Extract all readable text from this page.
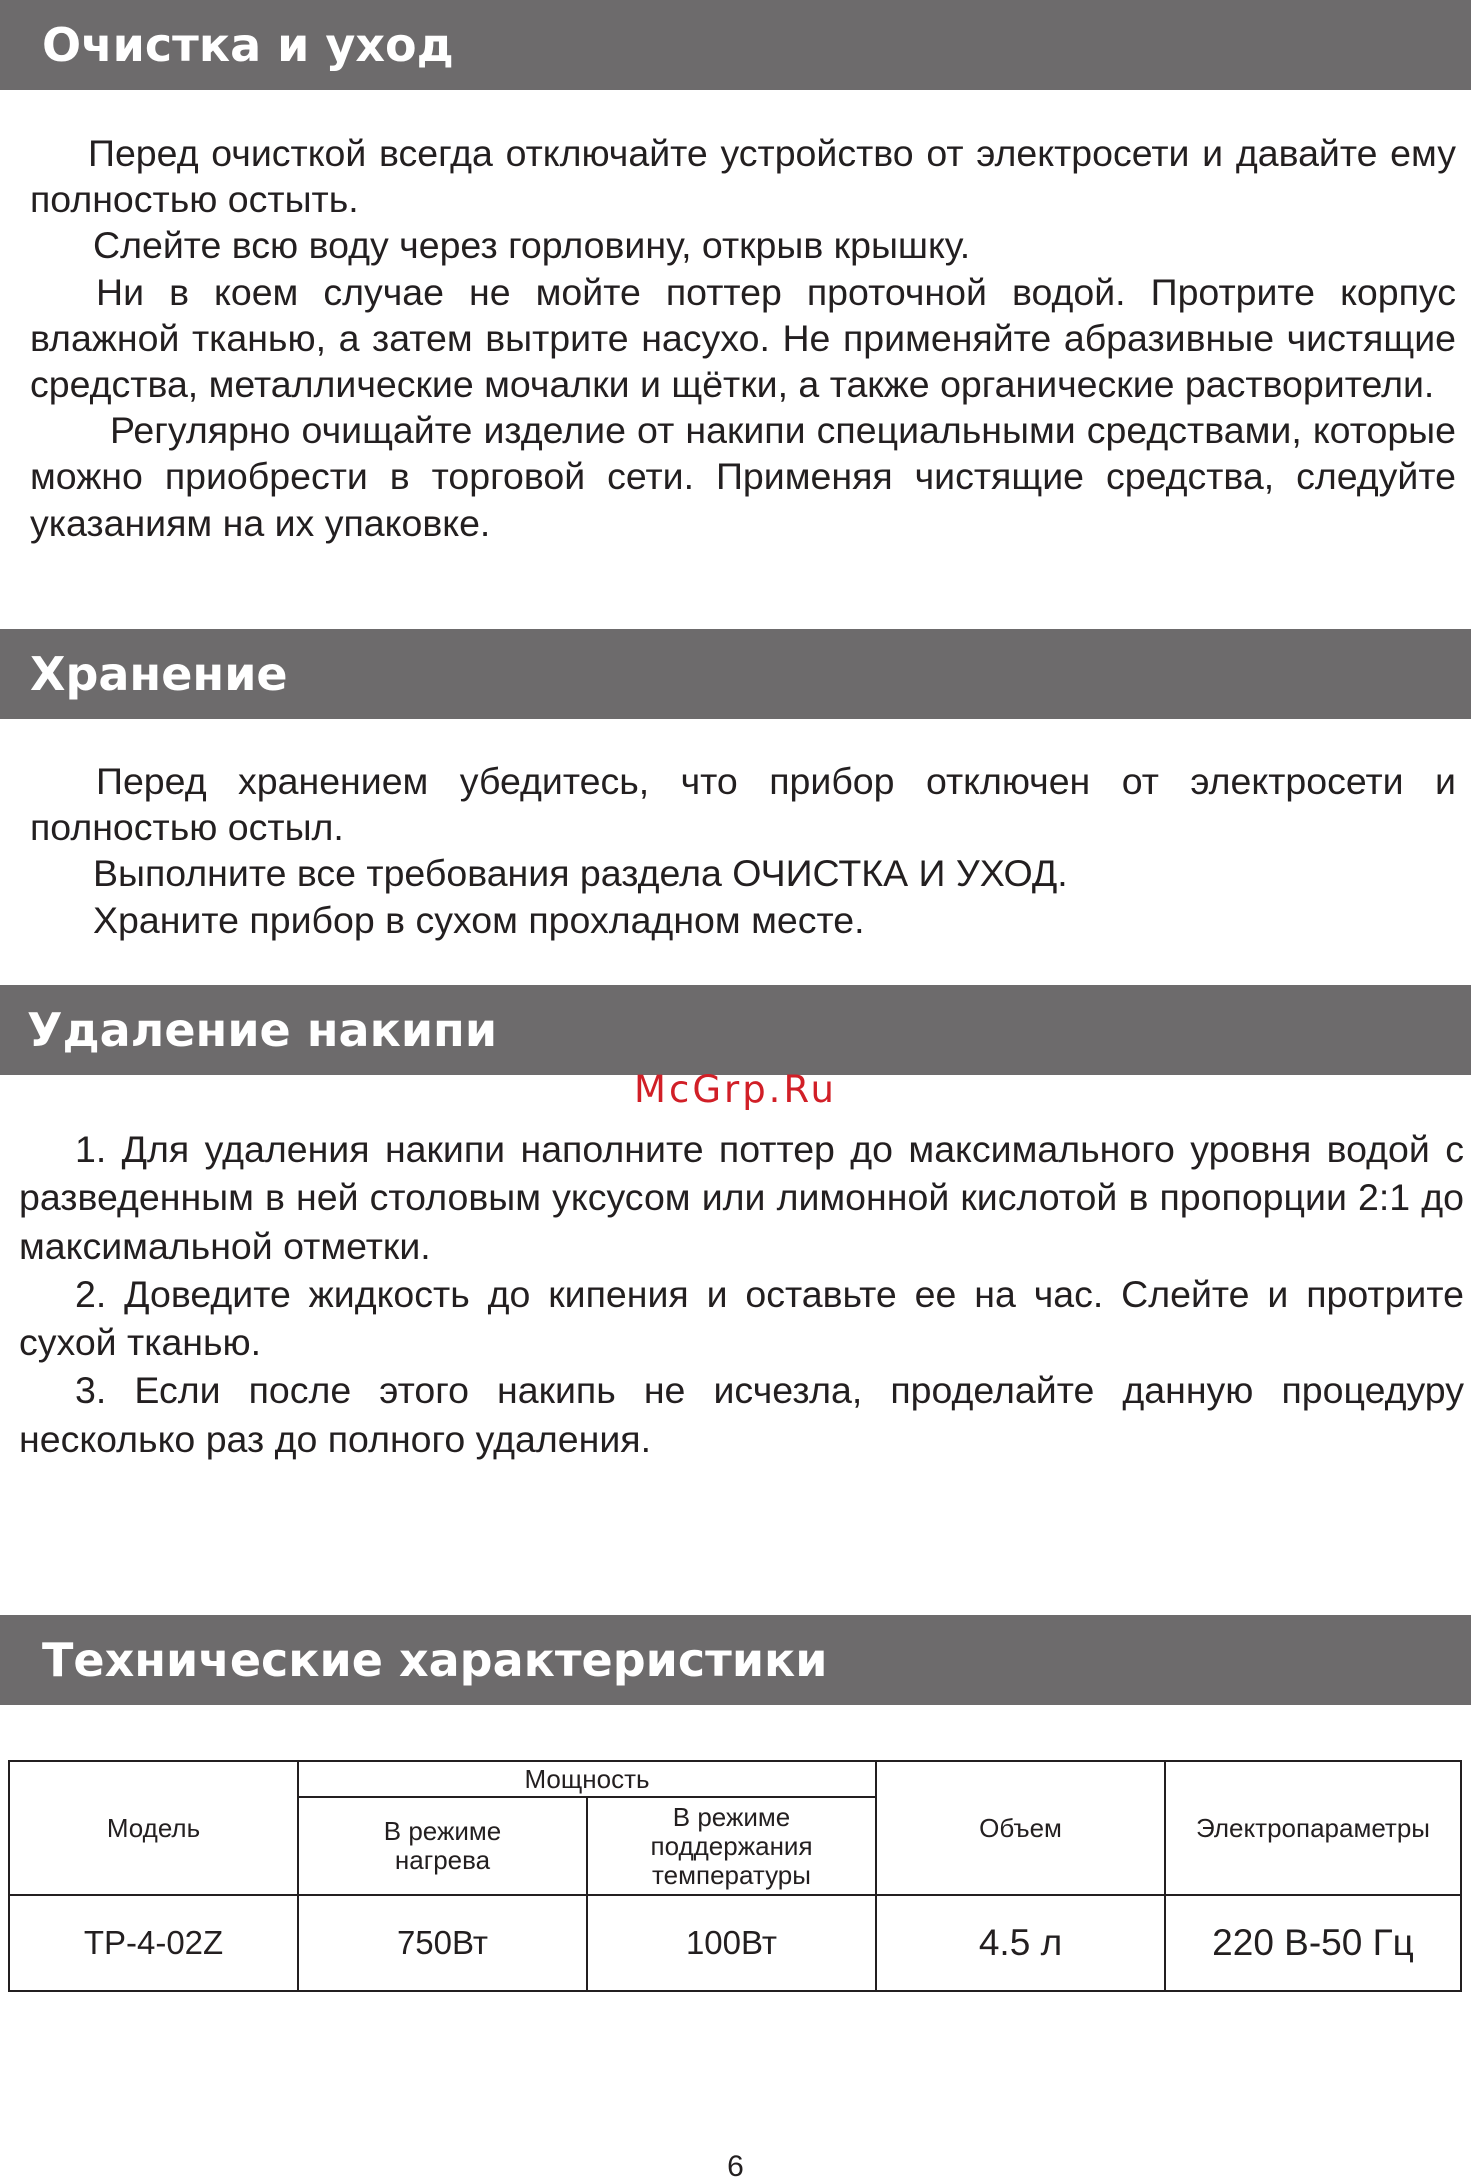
Очистка и уход

Перед очисткой всегда отключайте устройство от электросети и давайте ему полностью остыть.

Слейте всю воду через горловину, открыв крышку.

Ни в коем случае не мойте поттер проточной водой. Протрите корпус влажной тканью, а затем вытрите насухо. Не применяйте абразивные чистящие средства, металлические мочалки и щётки, а также органические растворители.

Регулярно очищайте изделие от накипи специальными средствами, которые можно приобрести в торговой сети. Применяя чистящие средства, следуйте указаниям на их упаковке.

Хранение

Перед хранением убедитесь, что прибор отключен от электросети и полностью остыл.

Выполните все требования раздела ОЧИСТКА И УХОД.

Храните прибор в сухом прохладном месте.

Удаление накипи
McGrp.Ru

1. Для удаления накипи наполните поттер до максимального уровня водой с разведенным в ней столовым уксусом или лимонной кислотой в пропорции 2:1 до максимальной отметки.

2. Доведите жидкость до кипения и оставьте ее на час. Слейте и протрите сухой тканью.

3. Если после этого накипь не исчезла, проделайте данную процедуру несколько раз до полного удаления.

Технические характеристики
Модель	Мощность		Объем	Электропараметры
	В режиме нагрева	В режиме поддержания температуры		
TP-4-02Z	750Вт	100Вт	4.5 л	220 В-50 Гц
6
